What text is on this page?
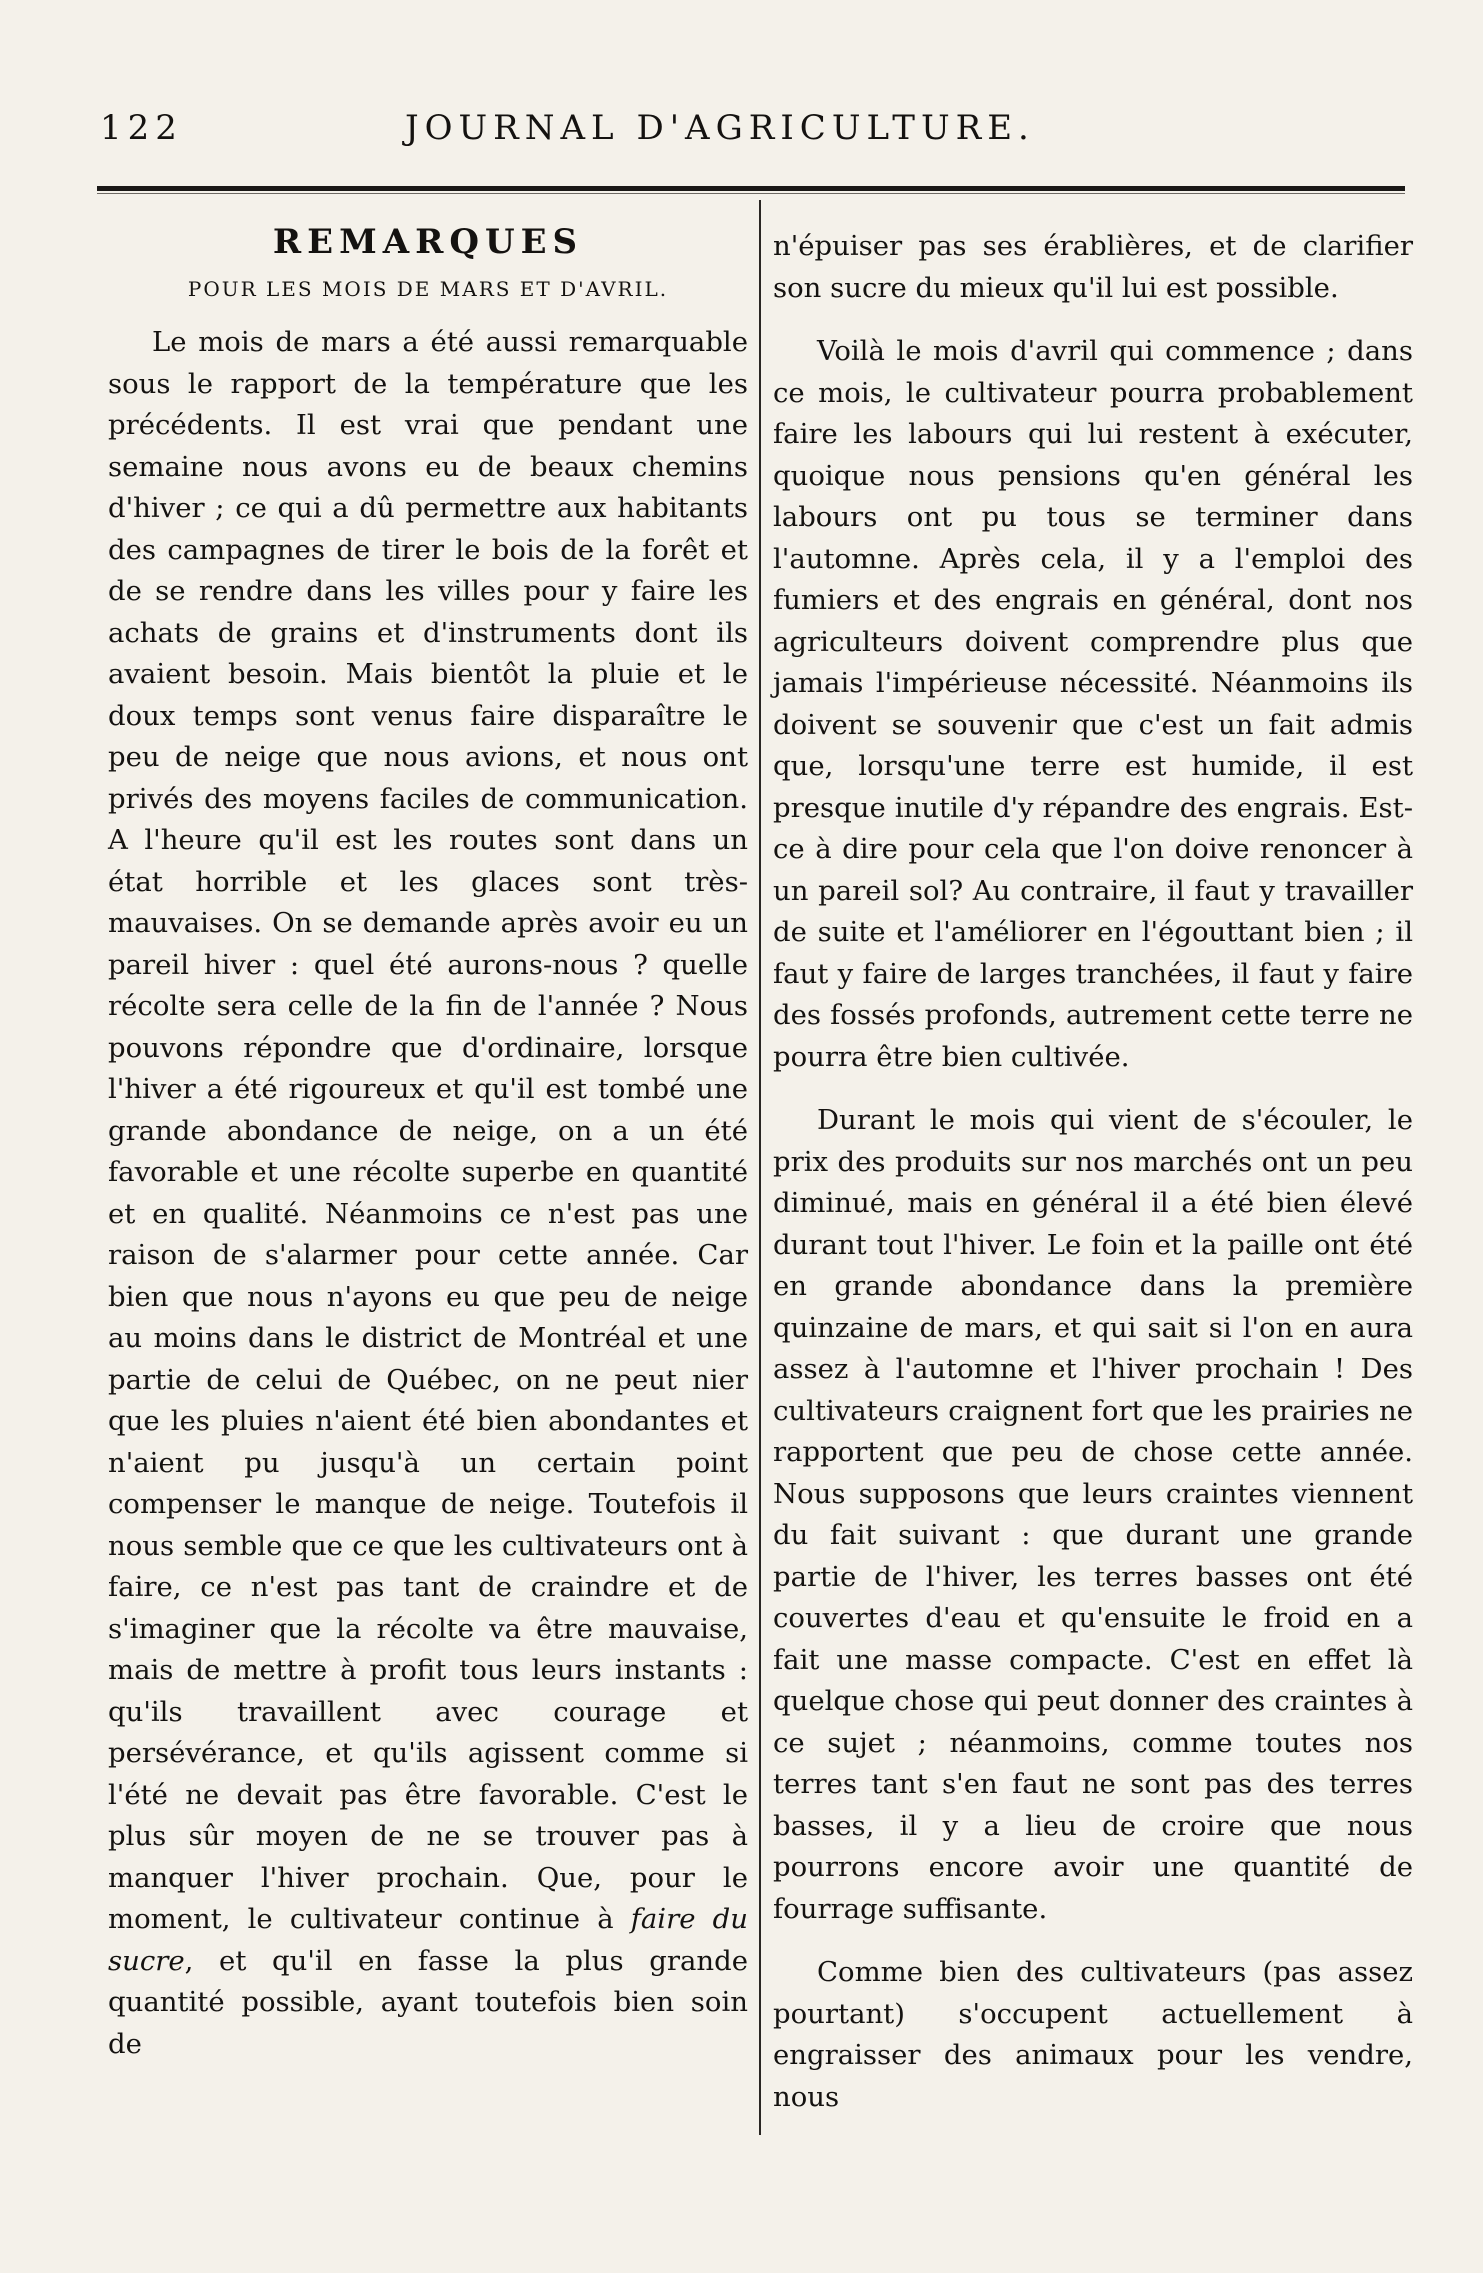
122	JOURNAL D'AGRICULTURE.
REMARQUES
POUR LES MOIS DE MARS ET D'AVRIL.

Le mois de mars a été aussi remarquable sous le rapport de la température que les précédents. Il est vrai que pendant une semaine nous avons eu de beaux chemins d'hiver ; ce qui a dû permettre aux habitants des campagnes de tirer le bois de la forêt et de se rendre dans les villes pour y faire les achats de grains et d'instruments dont ils avaient besoin. Mais bientôt la pluie et le doux temps sont venus faire disparaître le peu de neige que nous avions, et nous ont privés des moyens faciles de communication. A l'heure qu'il est les routes sont dans un état horrible et les glaces sont très-mauvaises. On se demande après avoir eu un pareil hiver : quel été aurons-nous ? quelle récolte sera celle de la fin de l'année ? Nous pouvons répondre que d'ordinaire, lorsque l'hiver a été rigoureux et qu'il est tombé une grande abondance de neige, on a un été favorable et une récolte superbe en quantité et en qualité. Néanmoins ce n'est pas une raison de s'alarmer pour cette année. Car bien que nous n'ayons eu que peu de neige au moins dans le district de Montréal et une partie de celui de Québec, on ne peut nier que les pluies n'aient été bien abondantes et n'aient pu jusqu'à un certain point compenser le manque de neige. Toutefois il nous semble que ce que les cultivateurs ont à faire, ce n'est pas tant de craindre et de s'imaginer que la récolte va être mauvaise, mais de mettre à profit tous leurs instants : qu'ils travaillent avec courage et persévérance, et qu'ils agissent comme si l'été ne devait pas être favorable. C'est le plus sûr moyen de ne se trouver pas à manquer l'hiver prochain. Que, pour le moment, le cultivateur continue à faire du sucre, et qu'il en fasse la plus grande quantité possible, ayant toutefois bien soin de

n'épuiser pas ses érablières, et de clarifier son sucre du mieux qu'il lui est possible.

Voilà le mois d'avril qui commence ; dans ce mois, le cultivateur pourra probablement faire les labours qui lui restent à exécuter, quoique nous pensions qu'en général les labours ont pu tous se terminer dans l'automne. Après cela, il y a l'emploi des fumiers et des engrais en général, dont nos agriculteurs doivent comprendre plus que jamais l'impérieuse nécessité. Néanmoins ils doivent se souvenir que c'est un fait admis que, lorsqu'une terre est humide, il est presque inutile d'y répandre des engrais. Est-ce à dire pour cela que l'on doive renoncer à un pareil sol? Au contraire, il faut y travailler de suite et l'améliorer en l'égouttant bien ; il faut y faire de larges tranchées, il faut y faire des fossés profonds, autrement cette terre ne pourra être bien cultivée.

Durant le mois qui vient de s'écouler, le prix des produits sur nos marchés ont un peu diminué, mais en général il a été bien élevé durant tout l'hiver. Le foin et la paille ont été en grande abondance dans la première quinzaine de mars, et qui sait si l'on en aura assez à l'automne et l'hiver prochain ! Des cultivateurs craignent fort que les prairies ne rapportent que peu de chose cette année. Nous supposons que leurs craintes viennent du fait suivant : que durant une grande partie de l'hiver, les terres basses ont été couvertes d'eau et qu'ensuite le froid en a fait une masse compacte. C'est en effet là quelque chose qui peut donner des craintes à ce sujet ; néanmoins, comme toutes nos terres tant s'en faut ne sont pas des terres basses, il y a lieu de croire que nous pourrons encore avoir une quantité de fourrage suffisante.

Comme bien des cultivateurs (pas assez pourtant) s'occupent actuellement à engraisser des animaux pour les vendre, nous
